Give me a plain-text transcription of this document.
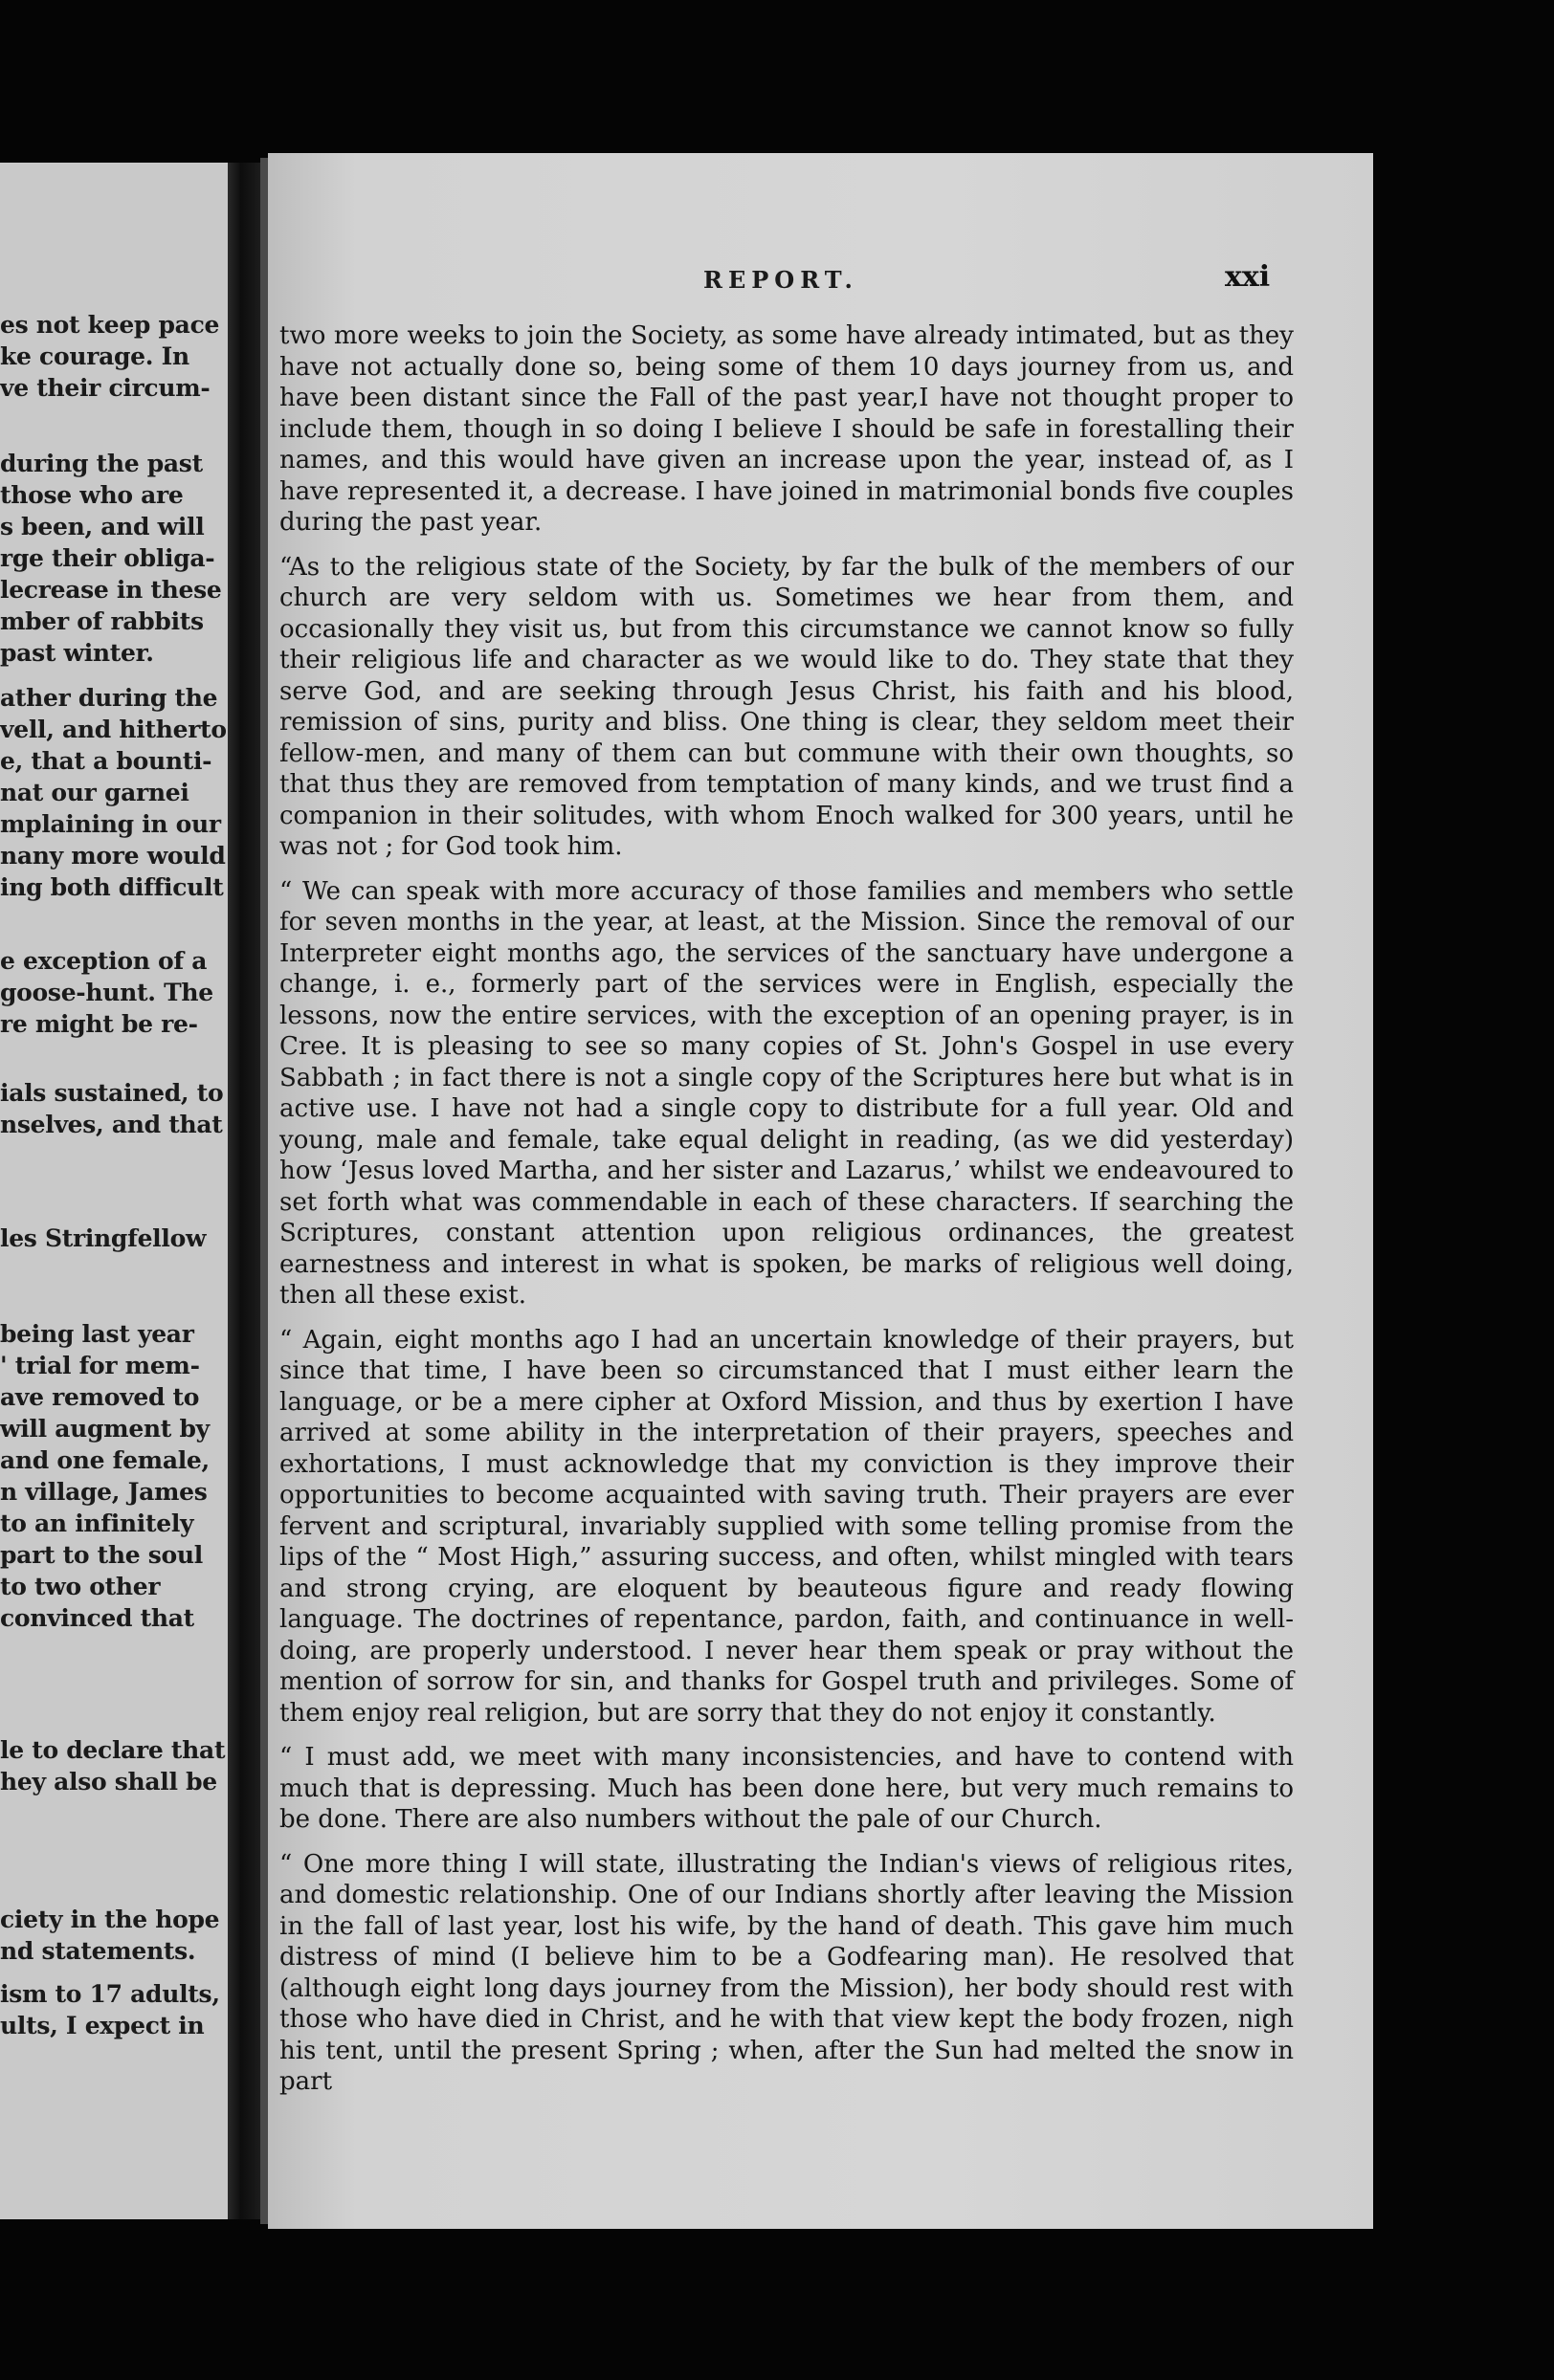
es not keep pace
ke courage. In
ve their circum-
during the past
those who are
s been, and will
rge their obliga-
lecrease in these
mber of rabbits
past winter.
ather during the
vell, and hitherto
e, that a bounti-
nat our garnei
mplaining in our
nany more would
ing both difficult
e exception of a
goose-hunt. The
re might be re-
ials sustained, to
nselves, and that
les Stringfellow
being last year
' trial for mem-
ave removed to
will augment by
and one female,
n village, James
to an infinitely
part to the soul
to two other
convinced that
le to declare that
hey also shall be
ciety in the hope
nd statements.
ism to 17 adults,
ults, I expect in
REPORT.	xxi

two more weeks to join the Society, as some have already intimated, but as they have not actually done so, being some of them 10 days journey from us, and have been distant since the Fall of the past year,I have not thought proper to include them, though in so doing I believe I should be safe in forestalling their names, and this would have given an increase upon the year, instead of, as I have represented it, a decrease. I have joined in matrimonial bonds five couples during the past year.

“As to the religious state of the Society, by far the bulk of the members of our church are very seldom with us. Sometimes we hear from them, and occasionally they visit us, but from this circumstance we cannot know so fully their religious life and character as we would like to do. They state that they serve God, and are seeking through Jesus Christ, his faith and his blood, remission of sins, purity and bliss. One thing is clear, they seldom meet their fellow-men, and many of them can but commune with their own thoughts, so that thus they are removed from temptation of many kinds, and we trust find a companion in their solitudes, with whom Enoch walked for 300 years, until he was not ; for God took him.

“ We can speak with more accuracy of those families and members who settle for seven months in the year, at least, at the Mission. Since the removal of our Interpreter eight months ago, the services of the sanctuary have undergone a change, i. e., formerly part of the services were in English, especially the lessons, now the entire services, with the exception of an opening prayer, is in Cree. It is pleasing to see so many copies of St. John's Gospel in use every Sabbath ; in fact there is not a single copy of the Scriptures here but what is in active use. I have not had a single copy to distribute for a full year. Old and young, male and female, take equal delight in reading, (as we did yesterday) how ‘Jesus loved Martha, and her sister and Lazarus,’ whilst we endeavoured to set forth what was commendable in each of these characters. If searching the Scriptures, constant attention upon religious ordinances, the greatest earnestness and interest in what is spoken, be marks of religious well doing, then all these exist.

“ Again, eight months ago I had an uncertain knowledge of their prayers, but since that time, I have been so circumstanced that I must either learn the language, or be a mere cipher at Oxford Mission, and thus by exertion I have arrived at some ability in the interpretation of their prayers, speeches and exhortations, I must acknowledge that my conviction is they improve their opportunities to become acquainted with saving truth. Their prayers are ever fervent and scriptural, invariably supplied with some telling promise from the lips of the “ Most High,” assuring success, and often, whilst mingled with tears and strong crying, are eloquent by beauteous figure and ready flowing language. The doctrines of repentance, pardon, faith, and continuance in well-doing, are properly understood. I never hear them speak or pray without the mention of sorrow for sin, and thanks for Gospel truth and privileges. Some of them enjoy real religion, but are sorry that they do not enjoy it constantly.

“ I must add, we meet with many inconsistencies, and have to contend with much that is depressing. Much has been done here, but very much remains to be done. There are also numbers without the pale of our Church.

“ One more thing I will state, illustrating the Indian's views of religious rites, and domestic relationship. One of our Indians shortly after leaving the Mission in the fall of last year, lost his wife, by the hand of death. This gave him much distress of mind (I believe him to be a Godfearing man). He resolved that (although eight long days journey from the Mission), her body should rest with those who have died in Christ, and he with that view kept the body frozen, nigh his tent, until the present Spring ; when, after the Sun had melted the snow in part
